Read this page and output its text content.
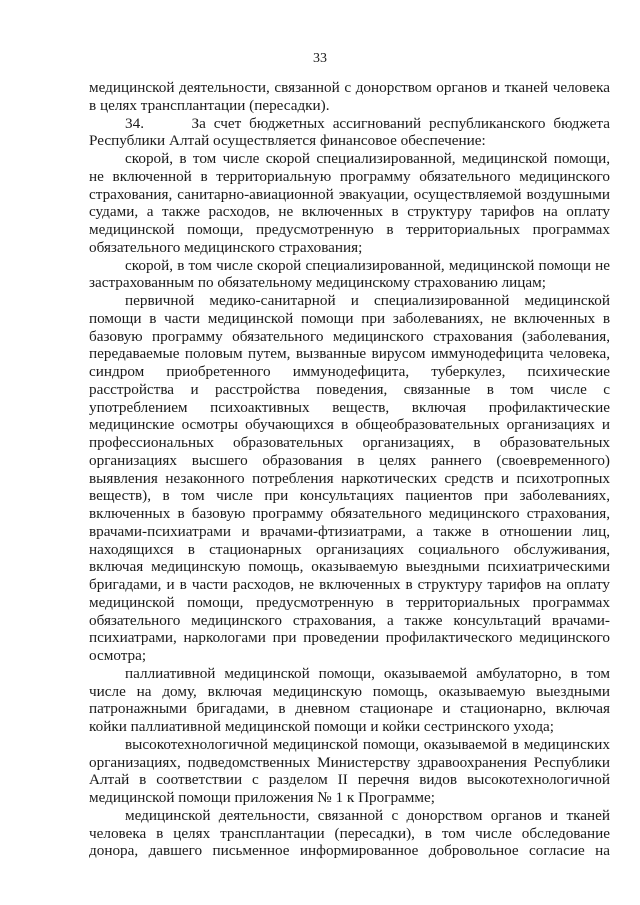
33

медицинской деятельности, связанной с донорством органов и тканей человека в целях трансплантации (пересадки).

34.      За счет бюджетных ассигнований республиканского бюджета Республики Алтай осуществляется финансовое обеспечение:

скорой, в том числе скорой специализированной, медицинской помощи, не включенной в территориальную программу обязательного медицинского страхования, санитарно-авиационной эвакуации, осуществляемой воздушными судами, а также расходов, не включенных в структуру тарифов на оплату медицинской помощи, предусмотренную в территориальных программах обязательного медицинского страхования;

скорой, в том числе скорой специализированной, медицинской помощи не застрахованным по обязательному медицинскому страхованию лицам;

первичной медико-санитарной и специализированной медицинской помощи в части медицинской помощи при заболеваниях, не включенных в базовую программу обязательного медицинского страхования (заболевания, передаваемые половым путем, вызванные вирусом иммунодефицита человека, синдром приобретенного иммунодефицита, туберкулез, психические расстройства и расстройства поведения, связанные в том числе с употреблением психоактивных веществ, включая профилактические медицинские осмотры обучающихся в общеобразовательных организациях и профессиональных образовательных организациях, в образовательных организациях высшего образования в целях раннего (своевременного) выявления незаконного потребления наркотических средств и психотропных веществ), в том числе при консультациях пациентов при заболеваниях, включенных в базовую программу обязательного медицинского страхования, врачами-психиатрами и врачами-фтизиатрами, а также в отношении лиц, находящихся в стационарных организациях социального обслуживания, включая медицинскую помощь, оказываемую выездными психиатрическими бригадами, и в части расходов, не включенных в структуру тарифов на оплату медицинской помощи, предусмотренную в территориальных программах обязательного медицинского страхования, а также консультаций врачами-психиатрами, наркологами при проведении профилактического медицинского осмотра;

паллиативной медицинской помощи, оказываемой амбулаторно, в том числе на дому, включая медицинскую помощь, оказываемую выездными патронажными бригадами, в дневном стационаре и стационарно, включая койки паллиативной медицинской помощи и койки сестринского ухода;

высокотехнологичной медицинской помощи, оказываемой в медицинских организациях, подведомственных Министерству здравоохранения Республики Алтай в соответствии с разделом II перечня видов высокотехнологичной медицинской помощи приложения № 1 к Программе;

медицинской деятельности, связанной с донорством органов и тканей человека в целях трансплантации (пересадки), в том числе обследование донора, давшего письменное информированное добровольное согласие на
